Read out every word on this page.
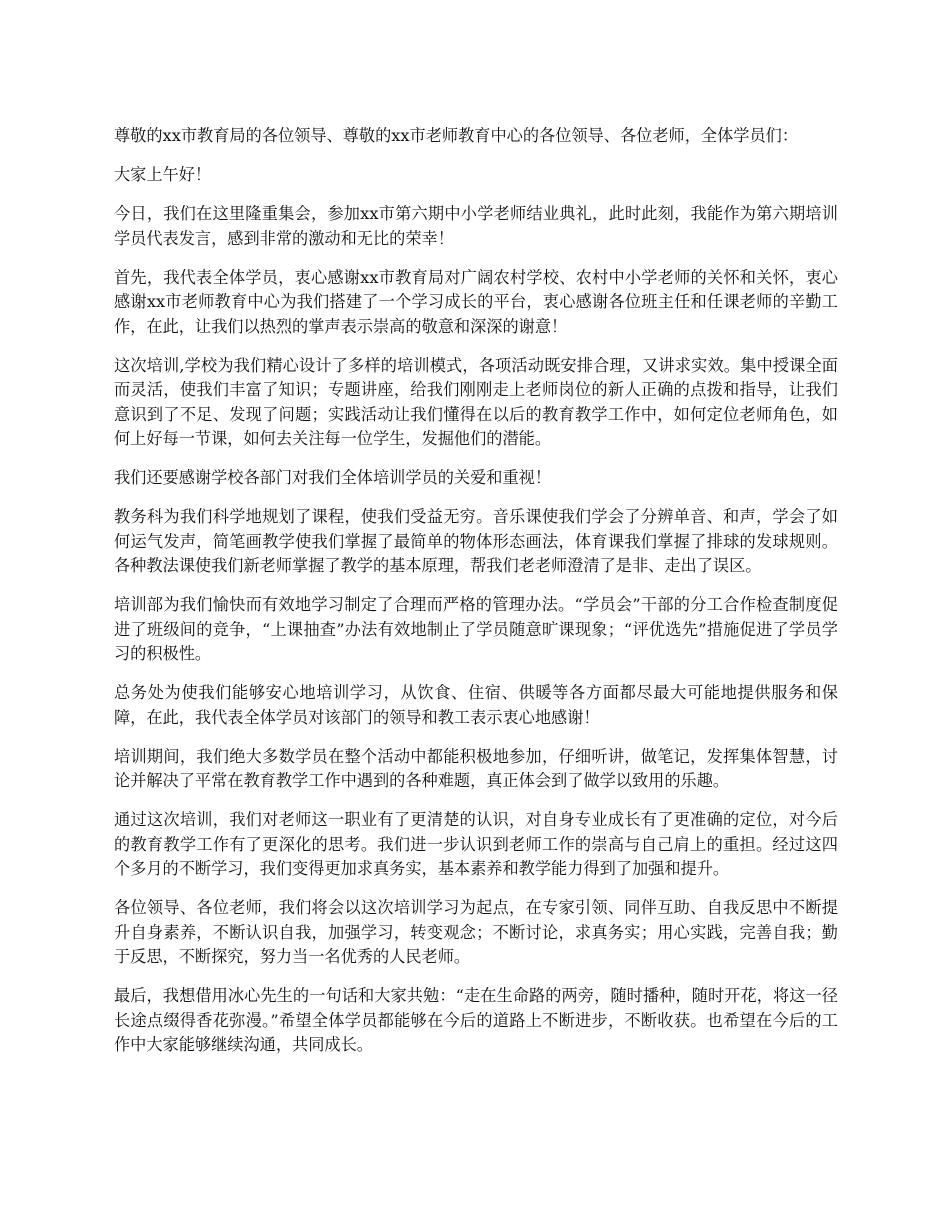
尊敬的xx市教育局的各位领导、尊敬的xx市老师教育中心的各位领导、各位老师，全体学员们：

大家上午好！

今日，我们在这里隆重集会，参加xx市第六期中小学老师结业典礼，此时此刻，我能作为第六期培训学员代表发言，感到非常的激动和无比的荣幸！

首先，我代表全体学员，衷心感谢xx市教育局对广阔农村学校、农村中小学老师的关怀和关怀，衷心感谢xx市老师教育中心为我们搭建了一个学习成长的平台，衷心感谢各位班主任和任课老师的辛勤工作，在此，让我们以热烈的掌声表示崇高的敬意和深深的谢意！

这次培训,学校为我们精心设计了多样的培训模式，各项活动既安排合理，又讲求实效。集中授课全面而灵活，使我们丰富了知识；专题讲座，给我们刚刚走上老师岗位的新人正确的点拨和指导，让我们意识到了不足、发现了问题；实践活动让我们懂得在以后的教育教学工作中，如何定位老师角色，如何上好每一节课，如何去关注每一位学生，发掘他们的潜能。

我们还要感谢学校各部门对我们全体培训学员的关爱和重视！

教务科为我们科学地规划了课程，使我们受益无穷。音乐课使我们学会了分辨单音、和声，学会了如何运气发声，简笔画教学使我们掌握了最简单的物体形态画法，体育课我们掌握了排球的发球规则。各种教法课使我们新老师掌握了教学的基本原理，帮我们老老师澄清了是非、走出了误区。

培训部为我们愉快而有效地学习制定了合理而严格的管理办法。“学员会”干部的分工合作检查制度促进了班级间的竞争，“上课抽查”办法有效地制止了学员随意旷课现象；“评优选先”措施促进了学员学习的积极性。

总务处为使我们能够安心地培训学习，从饮食、住宿、供暖等各方面都尽最大可能地提供服务和保障，在此，我代表全体学员对该部门的领导和教工表示衷心地感谢！

培训期间，我们绝大多数学员在整个活动中都能积极地参加，仔细听讲，做笔记，发挥集体智慧，讨论并解决了平常在教育教学工作中遇到的各种难题，真正体会到了做学以致用的乐趣。

通过这次培训，我们对老师这一职业有了更清楚的认识，对自身专业成长有了更准确的定位，对今后的教育教学工作有了更深化的思考。我们进一步认识到老师工作的崇高与自己肩上的重担。经过这四个多月的不断学习，我们变得更加求真务实，基本素养和教学能力得到了加强和提升。

各位领导、各位老师，我们将会以这次培训学习为起点，在专家引领、同伴互助、自我反思中不断提升自身素养，不断认识自我，加强学习，转变观念；不断讨论，求真务实；用心实践，完善自我；勤于反思，不断探究，努力当一名优秀的人民老师。

最后，我想借用冰心先生的一句话和大家共勉：“走在生命路的两旁，随时播种，随时开花，将这一径长途点缀得香花弥漫。”希望全体学员都能够在今后的道路上不断进步，不断收获。也希望在今后的工作中大家能够继续沟通，共同成长。
